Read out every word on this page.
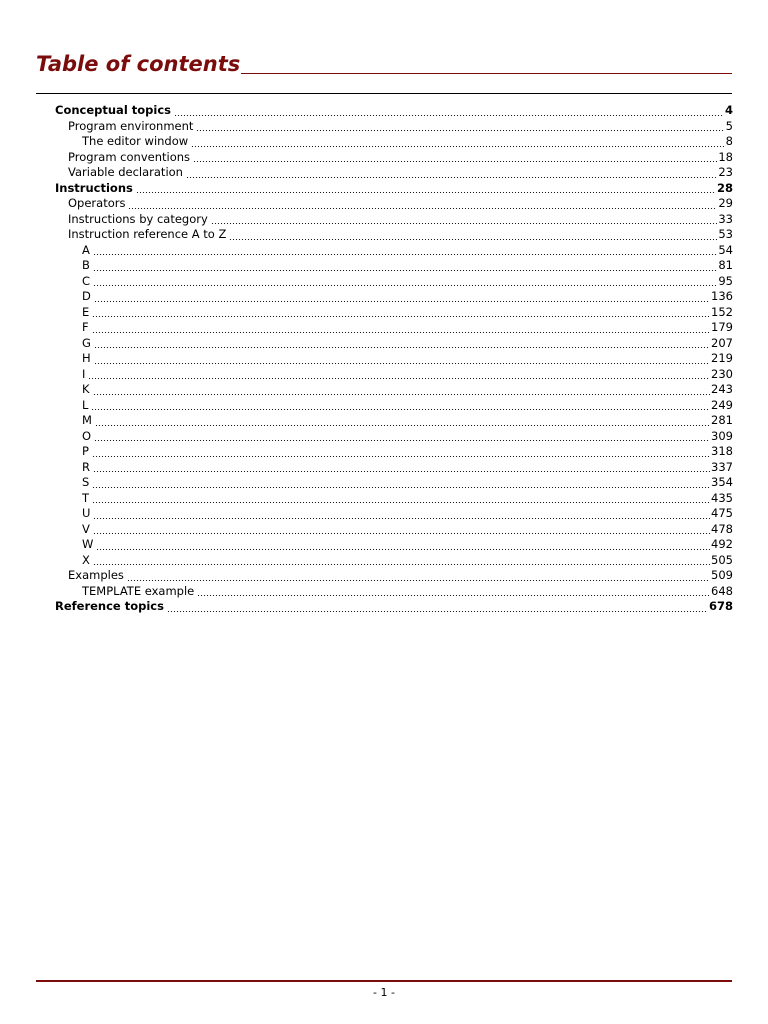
Table of contents
Conceptual topics	4
Program environment	5
The editor window	8
Program conventions	18
Variable declaration	23
Instructions	28
Operators	29
Instructions by category	33
Instruction reference A to Z	53
A	54
B	81
C	95
D	136
E	152
F	179
G	207
H	219
I	230
K	243
L	249
M	281
O	309
P	318
R	337
S	354
T	435
U	475
V	478
W	492
X	505
Examples	509
TEMPLATE example	648
Reference topics	678
- 1 -
